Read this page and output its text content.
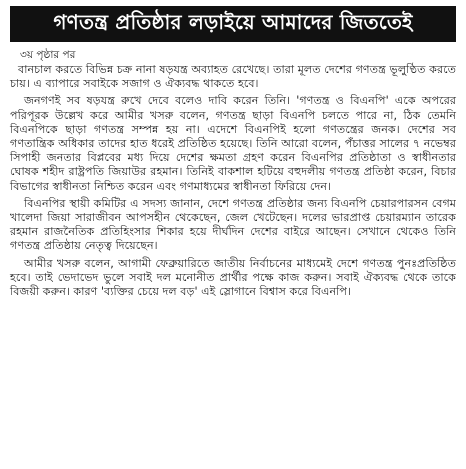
গণতন্ত্র প্রতিষ্ঠার লড়াইয়ে আমাদের জিততেই
৩য় পৃষ্ঠার পর

বানচাল করতে বিভিন্ন চক্র নানা ষড়যন্ত্র অব্যাহত রেখেছে। তারা মূলত দেশের গণতন্ত্র ভূলুণ্ঠিত করতে চায়। এ ব্যাপারে সবাইকে সজাগ ও ঐক্যবদ্ধ থাকতে হবে।

জনগণই সব ষড়যন্ত্র রুখে দেবে বলেও দাবি করেন তিনি। 'গণতন্ত্র ও বিএনপি' একে অপরের পরিপূরক উল্লেখ করে আমীর খসরু বলেন, গণতন্ত্র ছাড়া বিএনপি চলতে পারে না, ঠিক তেমনি বিএনপিকে ছাড়া গণতন্ত্র সম্পন্ন হয় না। এদেশে বিএনপিই হলো গণতন্ত্রের জনক। দেশের সব গণতান্ত্রিক অধিকার তাদের হাত ধরেই প্রতিষ্ঠিত হয়েছে। তিনি আরো বলেন, পঁচাত্তর সালের ৭ নভেম্বর সিপাহী জনতার বিপ্লবের মধ্য দিয়ে দেশের ক্ষমতা গ্রহণ করেন বিএনপির প্রতিষ্ঠাতা ও স্বাধীনতার ঘোষক শহীদ রাষ্ট্রপতি জিয়াউর রহমান। তিনিই বাকশাল হটিয়ে বহুদলীয় গণতন্ত্র প্রতিষ্ঠা করেন, বিচার বিভাগের স্বাধীনতা নিশ্চিত করেন এবং গণমাধ্যমের স্বাধীনতা ফিরিয়ে দেন।

বিএনপির স্থায়ী কমিটির এ সদস্য জানান, দেশে গণতন্ত্র প্রতিষ্ঠার জন্য বিএনপি চেয়ারপারসন বেগম খালেদা জিয়া সারাজীবন আপসহীন থেকেছেন, জেল খেটেছেন। দলের ভারপ্রাপ্ত চেয়ারম্যান তারেক রহমান রাজনৈতিক প্রতিহিংসার শিকার হয়ে দীর্ঘদিন দেশের বাইরে আছেন। সেখানে থেকেও তিনি গণতন্ত্র প্রতিষ্ঠায় নেতৃত্ব দিয়েছেন।

আমীর খসরু বলেন, আগামী ফেব্রুয়ারিতে জাতীয় নির্বাচনের মাধ্যমেই দেশে গণতন্ত্র পুনঃপ্রতিষ্ঠিত হবে। তাই ভেদাভেদ ভুলে সবাই দল মনোনীত প্রার্থীর পক্ষে কাজ করুন। সবাই ঐক্যবদ্ধ থেকে তাকে বিজয়ী করুন। কারণ 'ব্যক্তির চেয়ে দল বড়' এই স্লোগানে বিশ্বাস করে বিএনপি।
